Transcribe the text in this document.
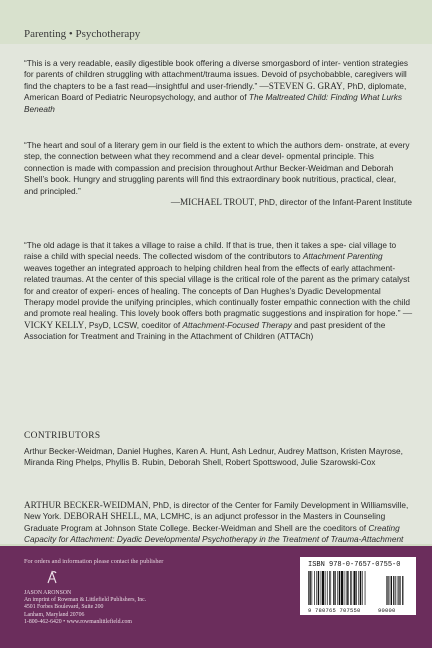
Parenting • Psychotherapy

“This is a very readable, easily digestible book offering a diverse smorgasbord of inter- vention strategies for parents of children struggling with attachment/trauma issues. Devoid of psychobabble, caregivers will find the chapters to be a fast read—insightful and user-friendly.” —STEVEN G. GRAY, PhD, diplomate, American Board of Pediatric Neuropsychology, and author of The Maltreated Child: Finding What Lurks Beneath

“The heart and soul of a literary gem in our field is the extent to which the authors dem- onstrate, at every step, the connection between what they recommend and a clear devel- opmental principle. This connection is made with compassion and precision throughout Arthur Becker-Weidman and Deborah Shell’s book. Hungry and struggling parents will find this extraordinary book nutritious, practical, clear, and principled.”

—MICHAEL TROUT, PhD, director of the Infant-Parent Institute

“The old adage is that it takes a village to raise a child. If that is true, then it takes a spe- cial village to raise a child with special needs. The collected wisdom of the contributors to Attachment Parenting weaves together an integrated approach to helping children heal from the effects of early attachment-related traumas. At the center of this special village is the critical role of the parent as the primary catalyst for and creator of experi- ences of healing. The concepts of Dan Hughes’s Dyadic Developmental Therapy model provide the unifying principles, which continually foster empathic connection with the child and promote real healing. This lovely book offers both pragmatic suggestions and inspiration for hope.” —VICKY KELLY, PsyD, LCSW, coeditor of Attachment-Focused Therapy and past president of the Association for Treatment and Training in the Attachment of Children (ATTACh)

CONTRIBUTORS
Arthur Becker-Weidman, Daniel Hughes, Karen A. Hunt, Ash Lednur, Audrey Mattson, Kristen Mayrose, Miranda Ring Phelps, Phyllis B. Rubin, Deborah Shell, Robert Spottswood, Julie Szarowski-Cox

ARTHUR BECKER-WEIDMAN, PhD, is director of the Center for Family Development in Williamsville, New York. DEBORAH SHELL, MA, LCMHC, is an adjunct professor in the Masters in Counseling Graduate Program at Johnson State College. Becker-Weidman and Shell are the coeditors of Creating Capacity for Attachment: Dyadic Developmental Psychotherapy in the Treatment of Trauma-Attachment

For orders and information please contact the publisher
JASON ARONSON
An imprint of Rowman & Littlefield Publishers, Inc.
4501 Forbes Boulevard, Suite 200
Lanham, Maryland 20706
1-800-462-6420 • www.rowmanlittlefield.com
ISBN 978-0-7657-0755-0
9 780765 707550	90000
